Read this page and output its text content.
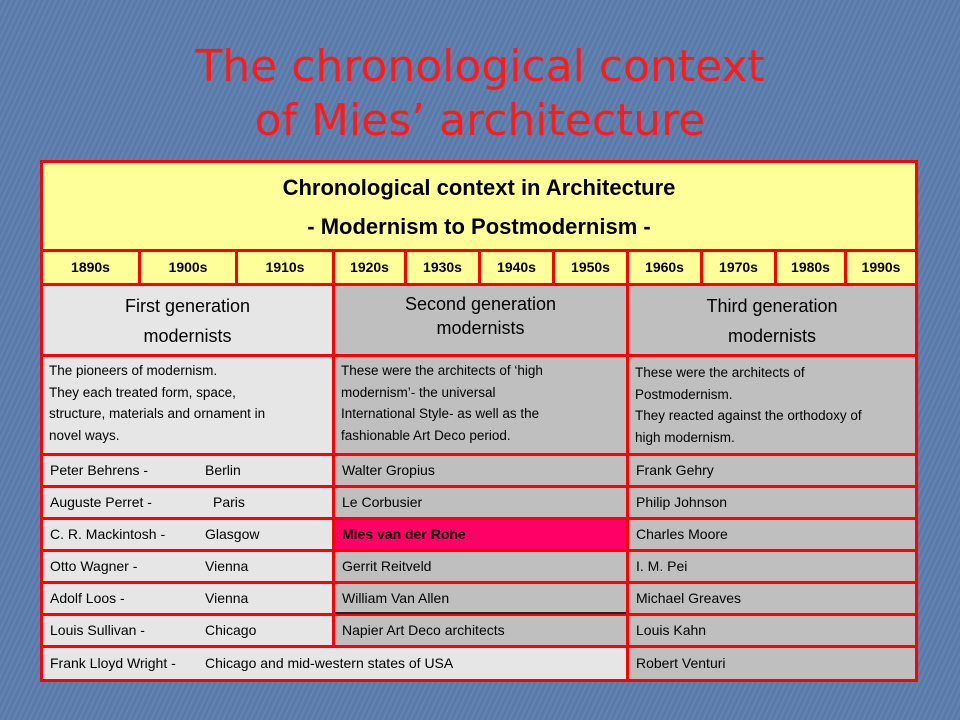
The chronological context
of Mies’ architecture
Chronological context in Architecture
- Modernism to Postmodernism -
1890s	1900s	1910s	1920s	1930s	1940s	1950s	1960s	1970s	1980s	1990s
First generation
modernists
Second generation
modernists
Third generation
modernists
The pioneers of modernism.
They each treated form, space,
structure, materials and ornament in
novel ways.
These were the architects of ‘high
modernism’- the universal
International Style- as well as the
fashionable Art Deco period.
These were the architects of
Postmodernism.
They reacted against the orthodoxy of
high modernism.
Peter Behrens -	Berlin	Walter Gropius	Frank Gehry
Auguste Perret -	Paris	Le Corbusier	Philip Johnson
C. R. Mackintosh -	Glasgow	Mies van der Rohe	Charles Moore
Otto Wagner -	Vienna	Gerrit Reitveld	I. M. Pei
Adolf Loos -	Vienna	William Van Allen	Michael Greaves
Louis Sullivan -	Chicago	Napier Art Deco architects	Louis Kahn
Frank Lloyd Wright - Chicago and mid-western states of USA	Robert Venturi
